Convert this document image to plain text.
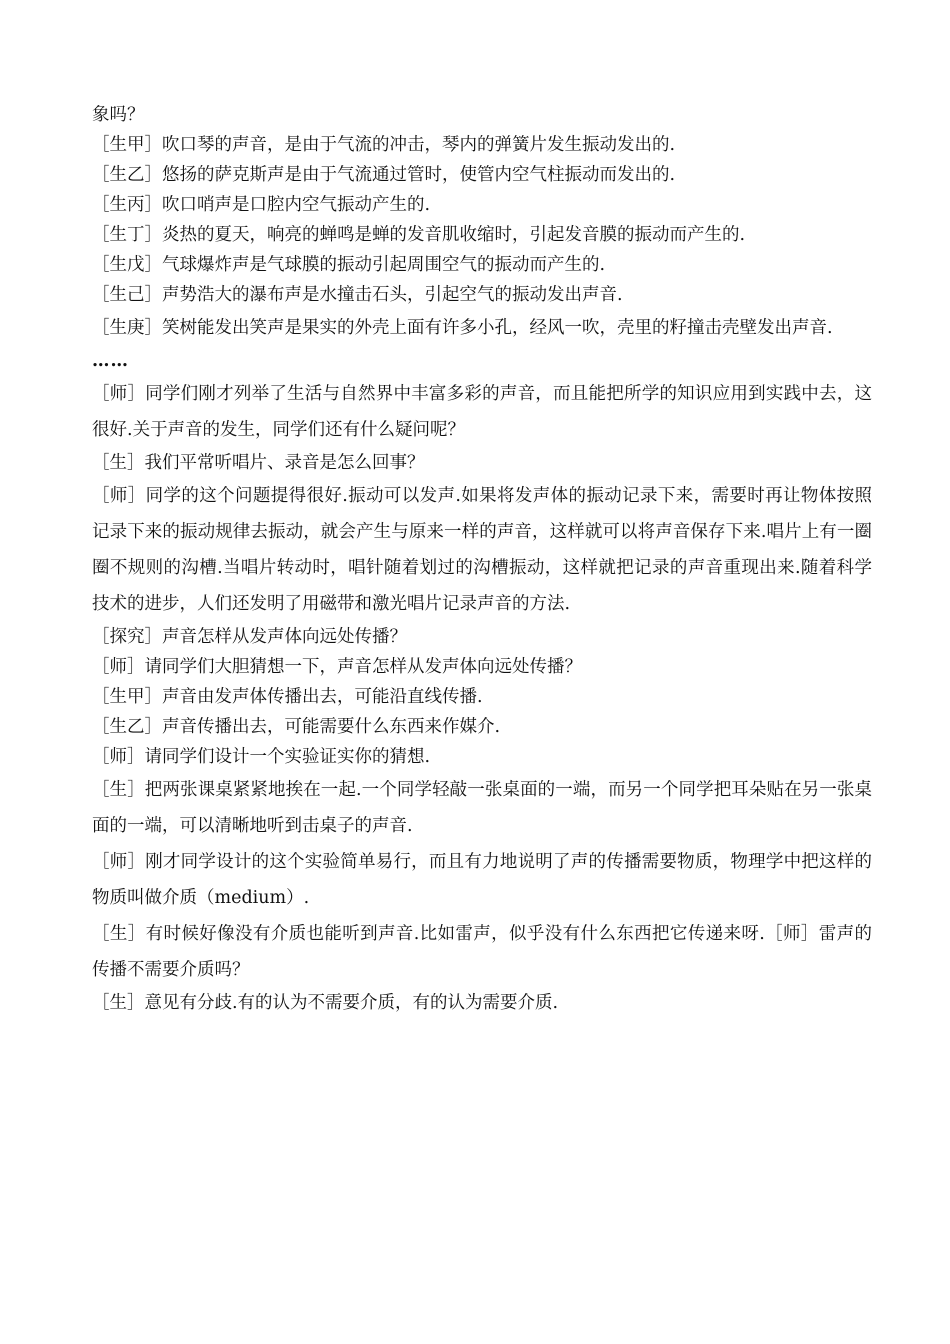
象吗？

［生甲］吹口琴的声音，是由于气流的冲击，琴内的弹簧片发生振动发出的.

［生乙］悠扬的萨克斯声是由于气流通过管时，使管内空气柱振动而发出的.

［生丙］吹口哨声是口腔内空气振动产生的.

［生丁］炎热的夏天，响亮的蝉鸣是蝉的发音肌收缩时，引起发音膜的振动而产生的.

［生戊］气球爆炸声是气球膜的振动引起周围空气的振动而产生的.

［生己］声势浩大的瀑布声是水撞击石头，引起空气的振动发出声音.

［生庚］笑树能发出笑声是果实的外壳上面有许多小孔，经风一吹，壳里的籽撞击壳壁发出声音.

……

［师］同学们刚才列举了生活与自然界中丰富多彩的声音，而且能把所学的知识应用到实践中去，这很好.关于声音的发生，同学们还有什么疑问呢？

［生］我们平常听唱片、录音是怎么回事？

［师］同学的这个问题提得很好.振动可以发声.如果将发声体的振动记录下来，需要时再让物体按照记录下来的振动规律去振动，就会产生与原来一样的声音，这样就可以将声音保存下来.唱片上有一圈圈不规则的沟槽.当唱片转动时，唱针随着划过的沟槽振动，这样就把记录的声音重现出来.随着科学技术的进步，人们还发明了用磁带和激光唱片记录声音的方法.

［探究］声音怎样从发声体向远处传播？

［师］请同学们大胆猜想一下，声音怎样从发声体向远处传播？

［生甲］声音由发声体传播出去，可能沿直线传播.

［生乙］声音传播出去，可能需要什么东西来作媒介.

［师］请同学们设计一个实验证实你的猜想.

［生］把两张课桌紧紧地挨在一起.一个同学轻敲一张桌面的一端，而另一个同学把耳朵贴在另一张桌面的一端，可以清晰地听到击桌子的声音.

［师］刚才同学设计的这个实验简单易行，而且有力地说明了声的传播需要物质，物理学中把这样的物质叫做介质（medium）.

［生］有时候好像没有介质也能听到声音.比如雷声，似乎没有什么东西把它传递来呀.［师］雷声的传播不需要介质吗？

［生］意见有分歧.有的认为不需要介质，有的认为需要介质.
